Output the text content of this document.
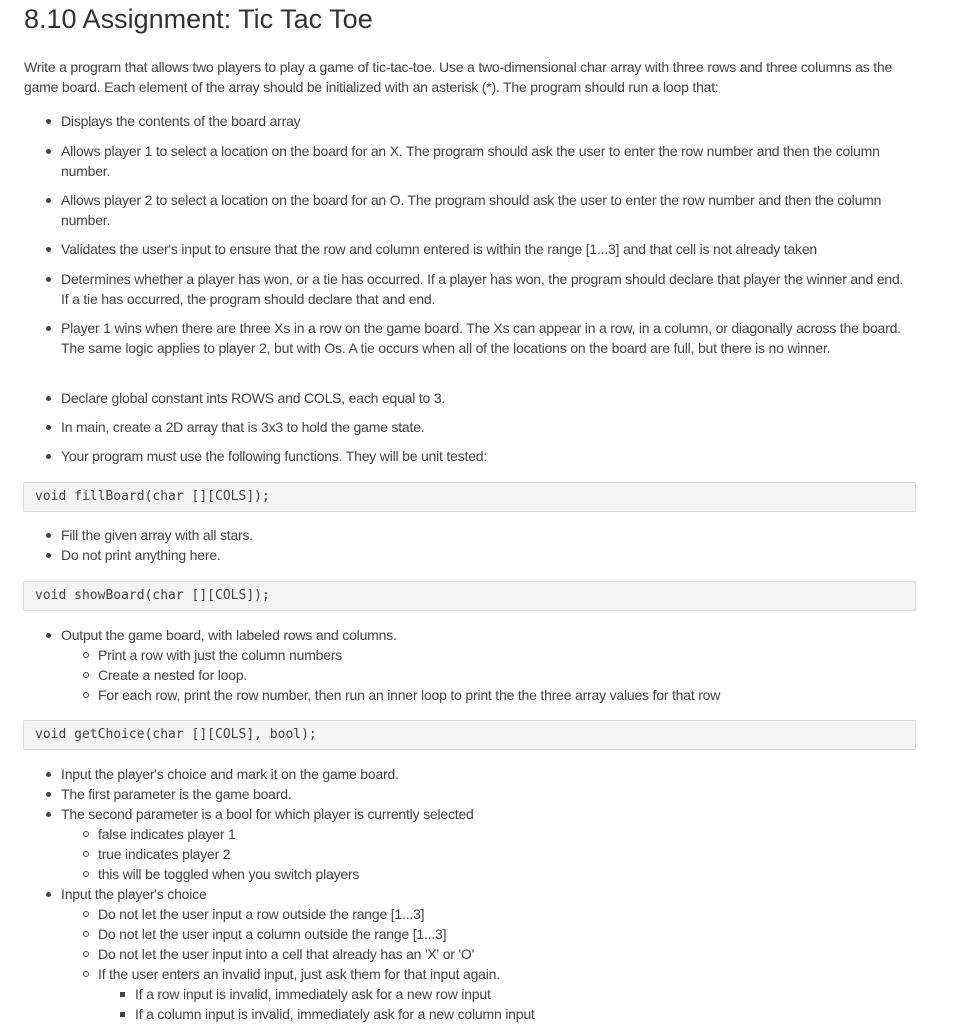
8.10 Assignment: Tic Tac Toe

Write a program that allows two players to play a game of tic-tac-toe. Use a two-dimensional char array with three rows and three columns as the game board. Each element of the array should be initialized with an asterisk (*). The program should run a loop that:

Displays the contents of the board array
Allows player 1 to select a location on the board for an X. The program should ask the user to enter the row number and then the column number.
Allows player 2 to select a location on the board for an O. The program should ask the user to enter the row number and then the column number.
Validates the user's input to ensure that the row and column entered is within the range [1...3] and that cell is not already taken
Determines whether a player has won, or a tie has occurred. If a player has won, the program should declare that player the winner and end. If a tie has occurred, the program should declare that and end.
Player 1 wins when there are three Xs in a row on the game board. The Xs can appear in a row, in a column, or diagonally across the board. The same logic applies to player 2, but with Os. A tie occurs when all of the locations on the board are full, but there is no winner.
Declare global constant ints ROWS and COLS, each equal to 3.
In main, create a 2D array that is 3x3 to hold the game state.
Your program must use the following functions. They will be unit tested:
void fillBoard(char [][COLS]);
Fill the given array with all stars.
Do not print anything here.
void showBoard(char [][COLS]);
Output the game board, with labeled rows and columns.
Print a row with just the column numbers
Create a nested for loop.
For each row, print the row number, then run an inner loop to print the the three array values for that row
void getChoice(char [][COLS], bool);
Input the player's choice and mark it on the game board.
The first parameter is the game board.
The second parameter is a bool for which player is currently selected
false indicates player 1
true indicates player 2
this will be toggled when you switch players
Input the player's choice
Do not let the user input a row outside the range [1...3]
Do not let the user input a column outside the range [1...3]
Do not let the user input into a cell that already has an 'X' or 'O'
If the user enters an invalid input, just ask them for that input again.
If a row input is invalid, immediately ask for a new row input
If a column input is invalid, immediately ask for a new column input
